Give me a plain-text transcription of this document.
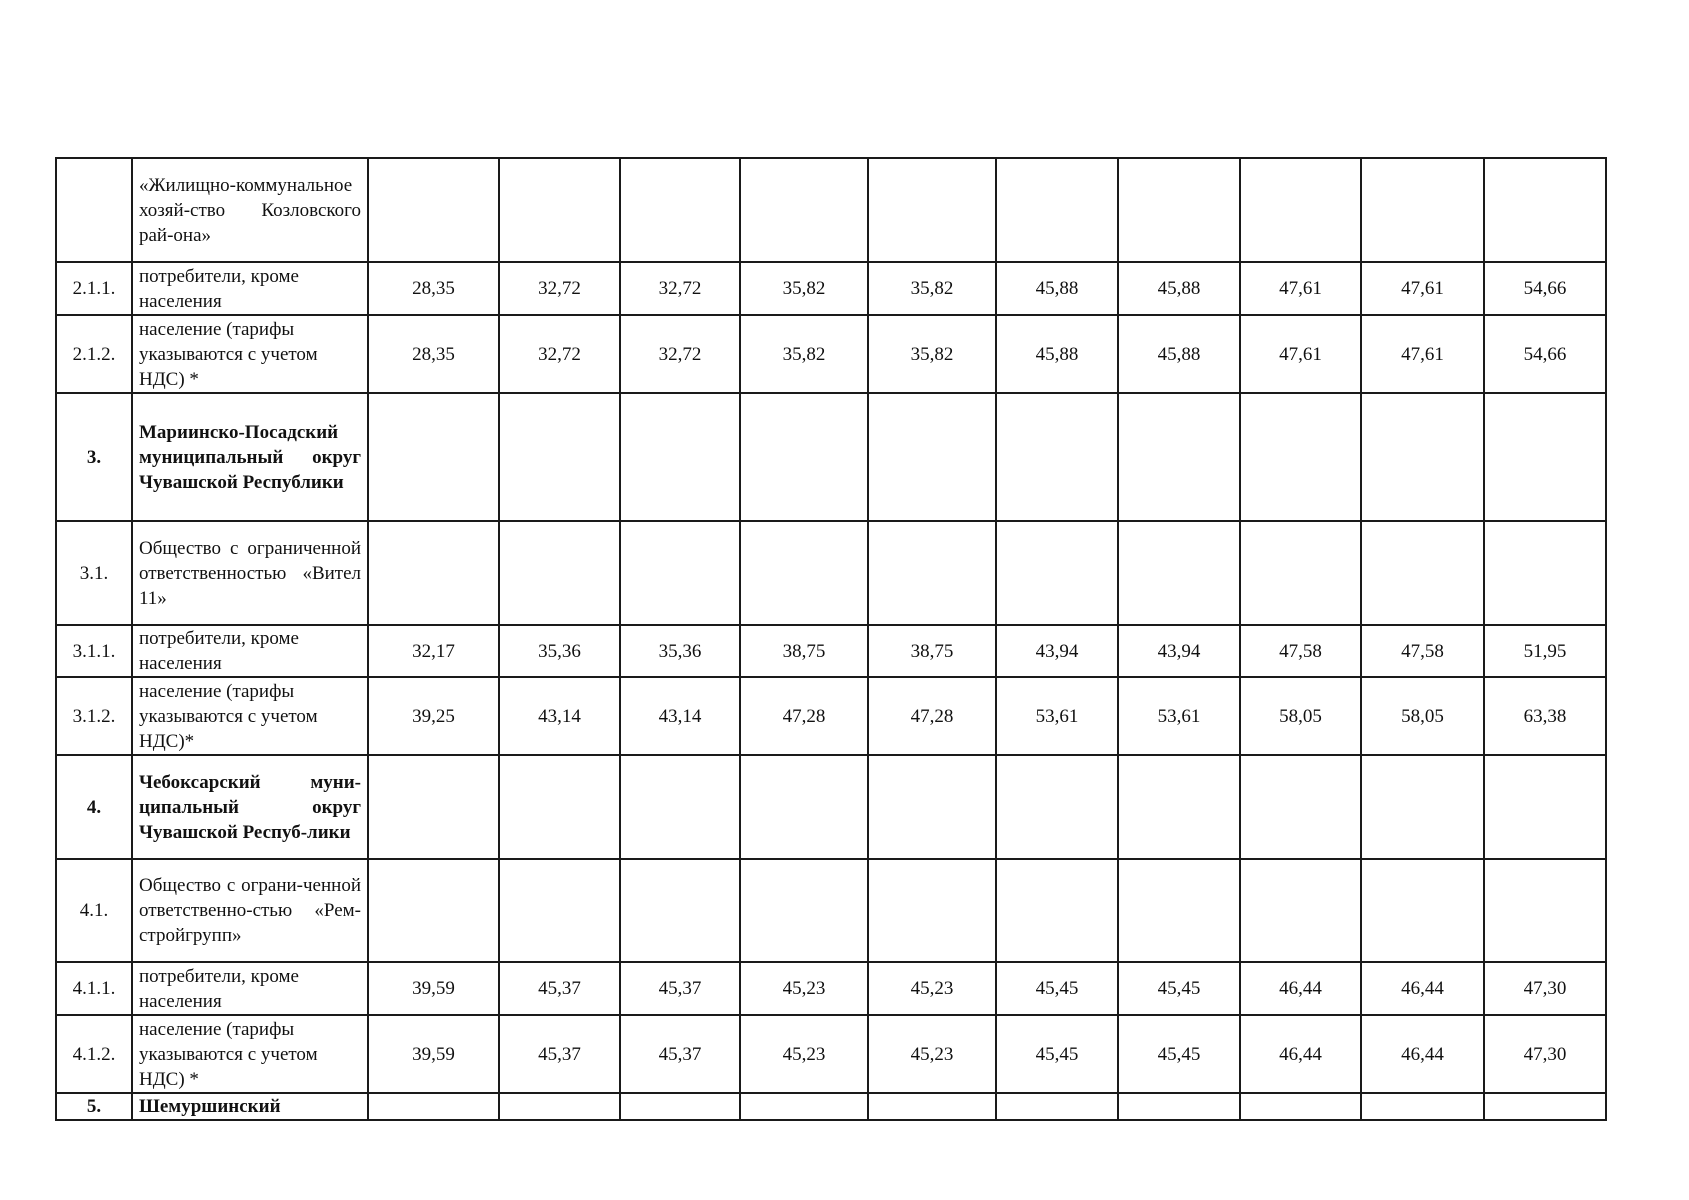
	«Жилищно-коммунальное хозяй-ство Козловского рай-она»										
2.1.1.	потребители, кроме населения	28,35	32,72	32,72	35,82	35,82	45,88	45,88	47,61	47,61	54,66
2.1.2.	население (тарифы указываются с учетом НДС) *	28,35	32,72	32,72	35,82	35,82	45,88	45,88	47,61	47,61	54,66
3.	Мариинско-Посадский муниципальный округ Чувашской Республики										
3.1.	Общество с ограниченной ответственностью «Вител 11»										
3.1.1.	потребители, кроме населения	32,17	35,36	35,36	38,75	38,75	43,94	43,94	47,58	47,58	51,95
3.1.2.	население (тарифы указываются с учетом НДС)*	39,25	43,14	43,14	47,28	47,28	53,61	53,61	58,05	58,05	63,38
4.	Чебоксарский муни-ципальный округ Чувашской Респуб-лики										
4.1.	Общество с ограни-ченной ответственно-стью «Рем-стройгрупп»										
4.1.1.	потребители, кроме населения	39,59	45,37	45,37	45,23	45,23	45,45	45,45	46,44	46,44	47,30
4.1.2.	население (тарифы указываются с учетом НДС) *	39,59	45,37	45,37	45,23	45,23	45,45	45,45	46,44	46,44	47,30
5.	Шемуршинский										
